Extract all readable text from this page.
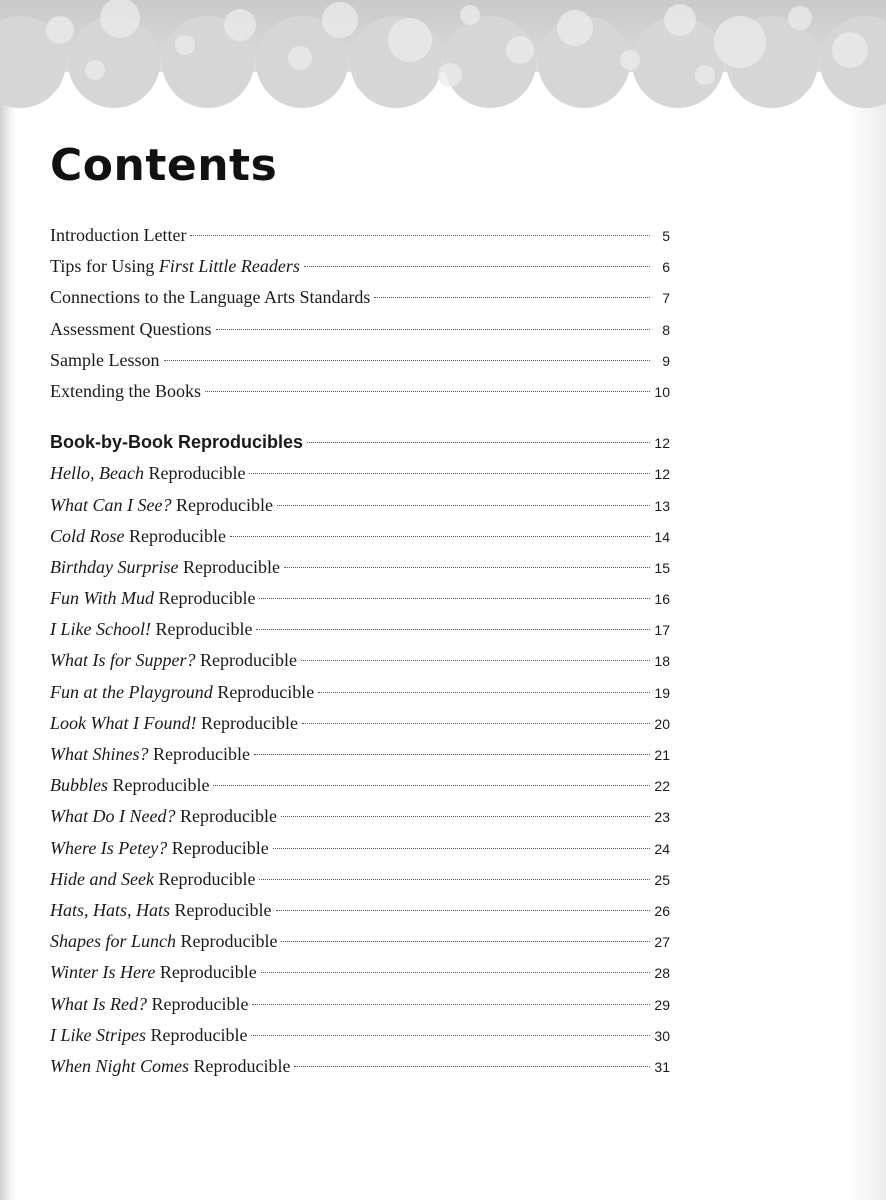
Contents
Introduction Letter	5
Tips for Using First Little Readers	6
Connections to the Language Arts Standards	7
Assessment Questions	8
Sample Lesson	9
Extending the Books	10
Book-by-Book Reproducibles	12
Hello, Beach Reproducible	12
What Can I See? Reproducible	13
Cold Rose Reproducible	14
Birthday Surprise Reproducible	15
Fun With Mud Reproducible	16
I Like School! Reproducible	17
What Is for Supper? Reproducible	18
Fun at the Playground Reproducible	19
Look What I Found! Reproducible	20
What Shines? Reproducible	21
Bubbles Reproducible	22
What Do I Need? Reproducible	23
Where Is Petey? Reproducible	24
Hide and Seek Reproducible	25
Hats, Hats, Hats Reproducible	26
Shapes for Lunch Reproducible	27
Winter Is Here Reproducible	28
What Is Red? Reproducible	29
I Like Stripes Reproducible	30
When Night Comes Reproducible	31
